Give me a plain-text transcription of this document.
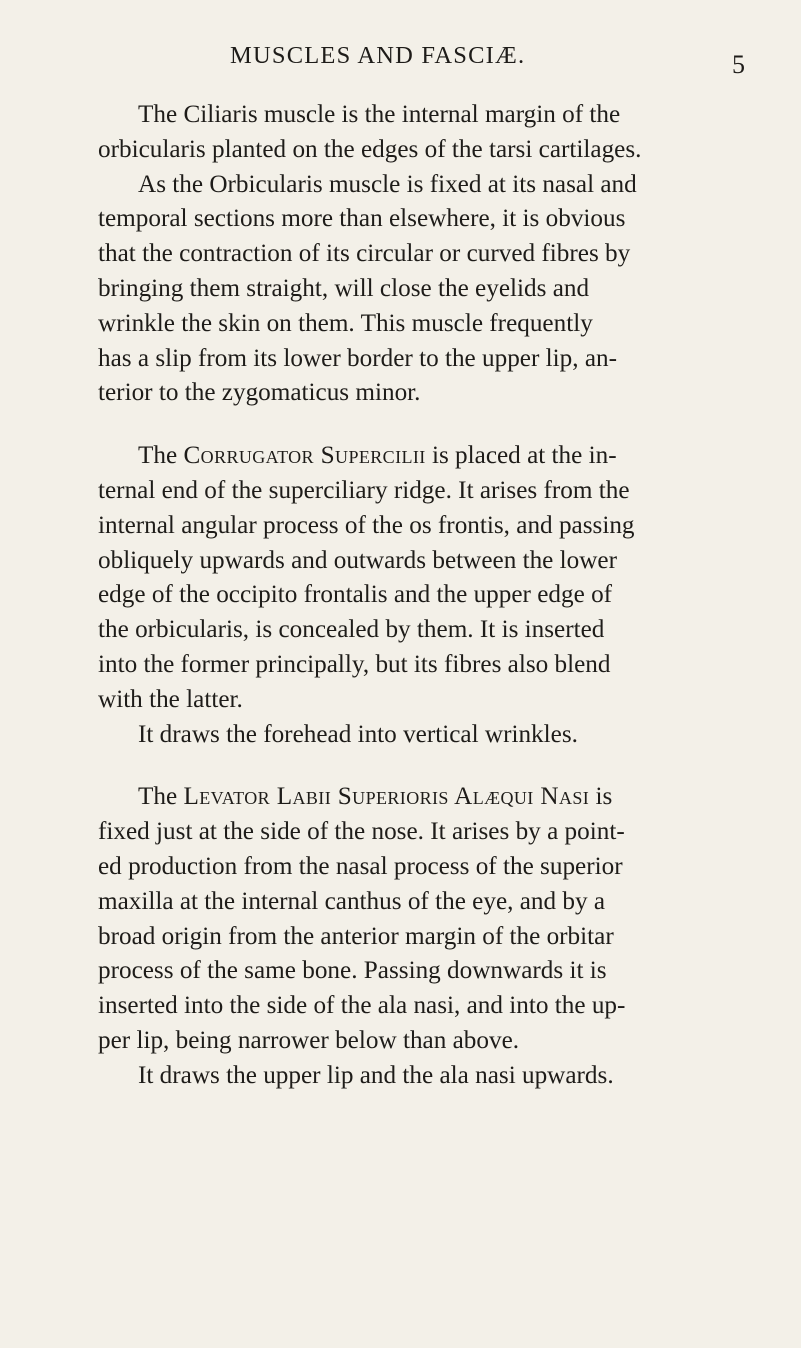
MUSCLES AND FASCIÆ.	5
The Ciliaris muscle is the internal margin of the
orbicularis planted on the edges of the tarsi cartilages.
As the Orbicularis muscle is fixed at its nasal and
temporal sections more than elsewhere, it is obvious
that the contraction of its circular or curved fibres by
bringing them straight, will close the eyelids and
wrinkle the skin on them. This muscle frequently
has a slip from its lower border to the upper lip, an-
terior to the zygomaticus minor.
The Corrugator Supercilii is placed at the in-
ternal end of the superciliary ridge. It arises from the
internal angular process of the os frontis, and passing
obliquely upwards and outwards between the lower
edge of the occipito frontalis and the upper edge of
the orbicularis, is concealed by them. It is inserted
into the former principally, but its fibres also blend
with the latter.
It draws the forehead into vertical wrinkles.
The Levator Labii Superioris Alæqui Nasi is
fixed just at the side of the nose. It arises by a point-
ed production from the nasal process of the superior
maxilla at the internal canthus of the eye, and by a
broad origin from the anterior margin of the orbitar
process of the same bone. Passing downwards it is
inserted into the side of the ala nasi, and into the up-
per lip, being narrower below than above.
It draws the upper lip and the ala nasi upwards.
